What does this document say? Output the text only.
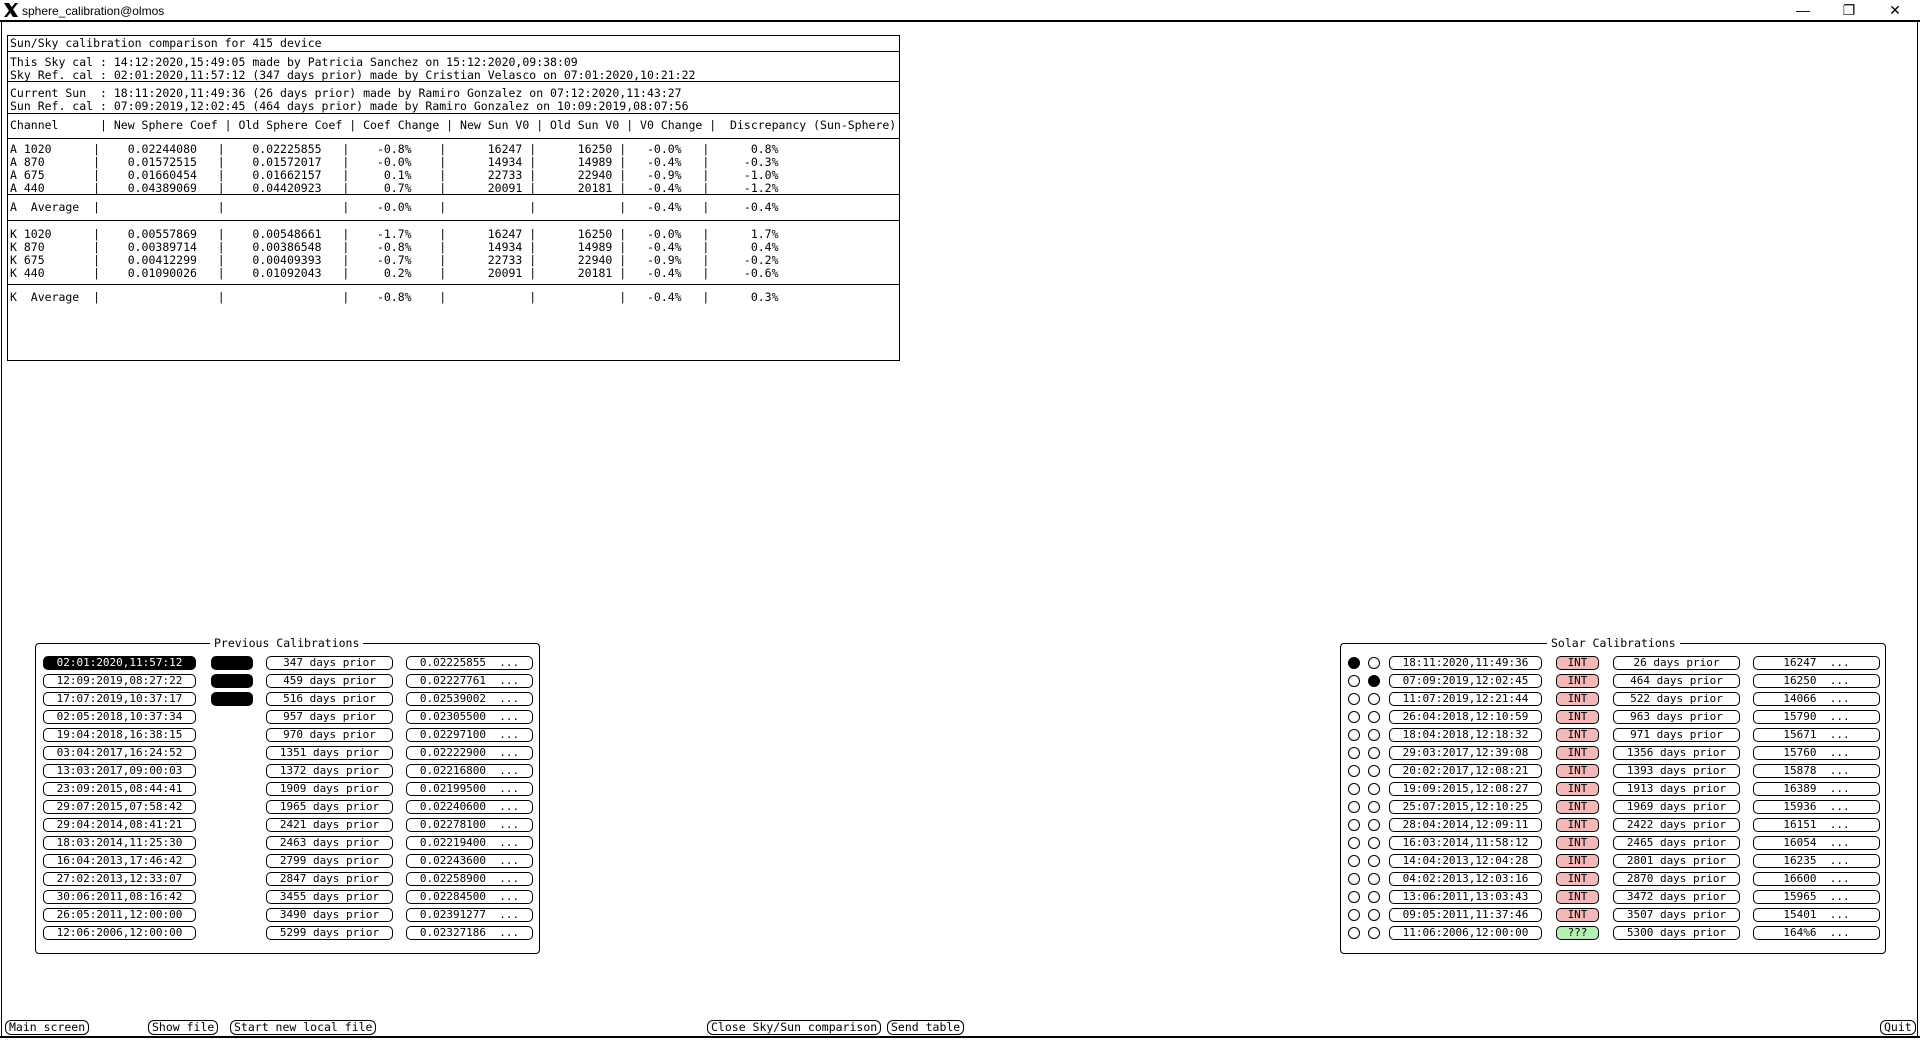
sphere_calibration@olmos	— ❐ ✕
Sun/Sky calibration comparison for 415 device
This Sky cal : 14:12:2020,15:49:05 made by Patricia Sanchez on 15:12:2020,09:38:09
Sky Ref. cal : 02:01:2020,11:57:12 (347 days prior) made by Cristian Velasco on 07:01:2020,10:21:22
Current Sun  : 18:11:2020,11:49:36 (26 days prior) made by Ramiro Gonzalez on 07:12:2020,11:43:27
Sun Ref. cal : 07:09:2019,12:02:45 (464 days prior) made by Ramiro Gonzalez on 10:09:2019,08:07:56
Channel      | New Sphere Coef | Old Sphere Coef | Coef Change | New Sun V0 | Old Sun V0 | V0 Change |  Discrepancy (Sun-Sphere)
A 1020      |    0.02244080   |    0.02225855   |    -0.8%    |      16247 |      16250 |   -0.0%   |      0.8%
A 870       |    0.01572515   |    0.01572017   |    -0.0%    |      14934 |      14989 |   -0.4%   |     -0.3%
A 675       |    0.01660454   |    0.01662157   |     0.1%    |      22733 |      22940 |   -0.9%   |     -1.0%
A 440       |    0.04389069   |    0.04420923   |     0.7%    |      20091 |      20181 |   -0.4%   |     -1.2%
A  Average  |                 |                 |    -0.0%    |            |            |   -0.4%   |     -0.4%
K 1020      |    0.00557869   |    0.00548661   |    -1.7%    |      16247 |      16250 |   -0.0%   |      1.7%
K 870       |    0.00389714   |    0.00386548   |    -0.8%    |      14934 |      14989 |   -0.4%   |      0.4%
K 675       |    0.00412299   |    0.00409393   |    -0.7%    |      22733 |      22940 |   -0.9%   |     -0.2%
K 440       |    0.01090026   |    0.01092043   |     0.2%    |      20091 |      20181 |   -0.4%   |     -0.6%
K  Average  |                 |                 |    -0.8%    |            |            |   -0.4%   |      0.3%
Previous Calibrations	Solar Calibrations
Main screen	Show file	Start new local file	Close Sky/Sun comparison	Send table	Quit
02:01:2020,11:57:12	347 days prior	0.02225855  ...
12:09:2019,08:27:22	459 days prior	0.02227761  ...
17:07:2019,10:37:17	516 days prior	0.02539002  ...
02:05:2018,10:37:34	957 days prior	0.02305500  ...
19:04:2018,16:38:15	970 days prior	0.02297100  ...
03:04:2017,16:24:52	1351 days prior	0.02222900  ...
13:03:2017,09:00:03	1372 days prior	0.02216800  ...
23:09:2015,08:44:41	1909 days prior	0.02199500  ...
29:07:2015,07:58:42	1965 days prior	0.02240600  ...
29:04:2014,08:41:21	2421 days prior	0.02278100  ...
18:03:2014,11:25:30	2463 days prior	0.02219400  ...
16:04:2013,17:46:42	2799 days prior	0.02243600  ...
27:02:2013,12:33:07	2847 days prior	0.02258900  ...
30:06:2011,08:16:42	3455 days prior	0.02284500  ...
26:05:2011,12:00:00	3490 days prior	0.02391277  ...
12:06:2006,12:00:00	5299 days prior	0.02327186  ...
18:11:2020,11:49:36	INT	26 days prior	16247  ...
07:09:2019,12:02:45	INT	464 days prior	16250  ...
11:07:2019,12:21:44	INT	522 days prior	14066  ...
26:04:2018,12:10:59	INT	963 days prior	15790  ...
18:04:2018,12:18:32	INT	971 days prior	15671  ...
29:03:2017,12:39:08	INT	1356 days prior	15760  ...
20:02:2017,12:08:21	INT	1393 days prior	15878  ...
19:09:2015,12:08:27	INT	1913 days prior	16389  ...
25:07:2015,12:10:25	INT	1969 days prior	15936  ...
28:04:2014,12:09:11	INT	2422 days prior	16151  ...
16:03:2014,11:58:12	INT	2465 days prior	16054  ...
14:04:2013,12:04:28	INT	2801 days prior	16235  ...
04:02:2013,12:03:16	INT	2870 days prior	16600  ...
13:06:2011,13:03:43	INT	3472 days prior	15965  ...
09:05:2011,11:37:46	INT	3507 days prior	15401  ...
11:06:2006,12:00:00	???	5300 days prior	164%6  ...
